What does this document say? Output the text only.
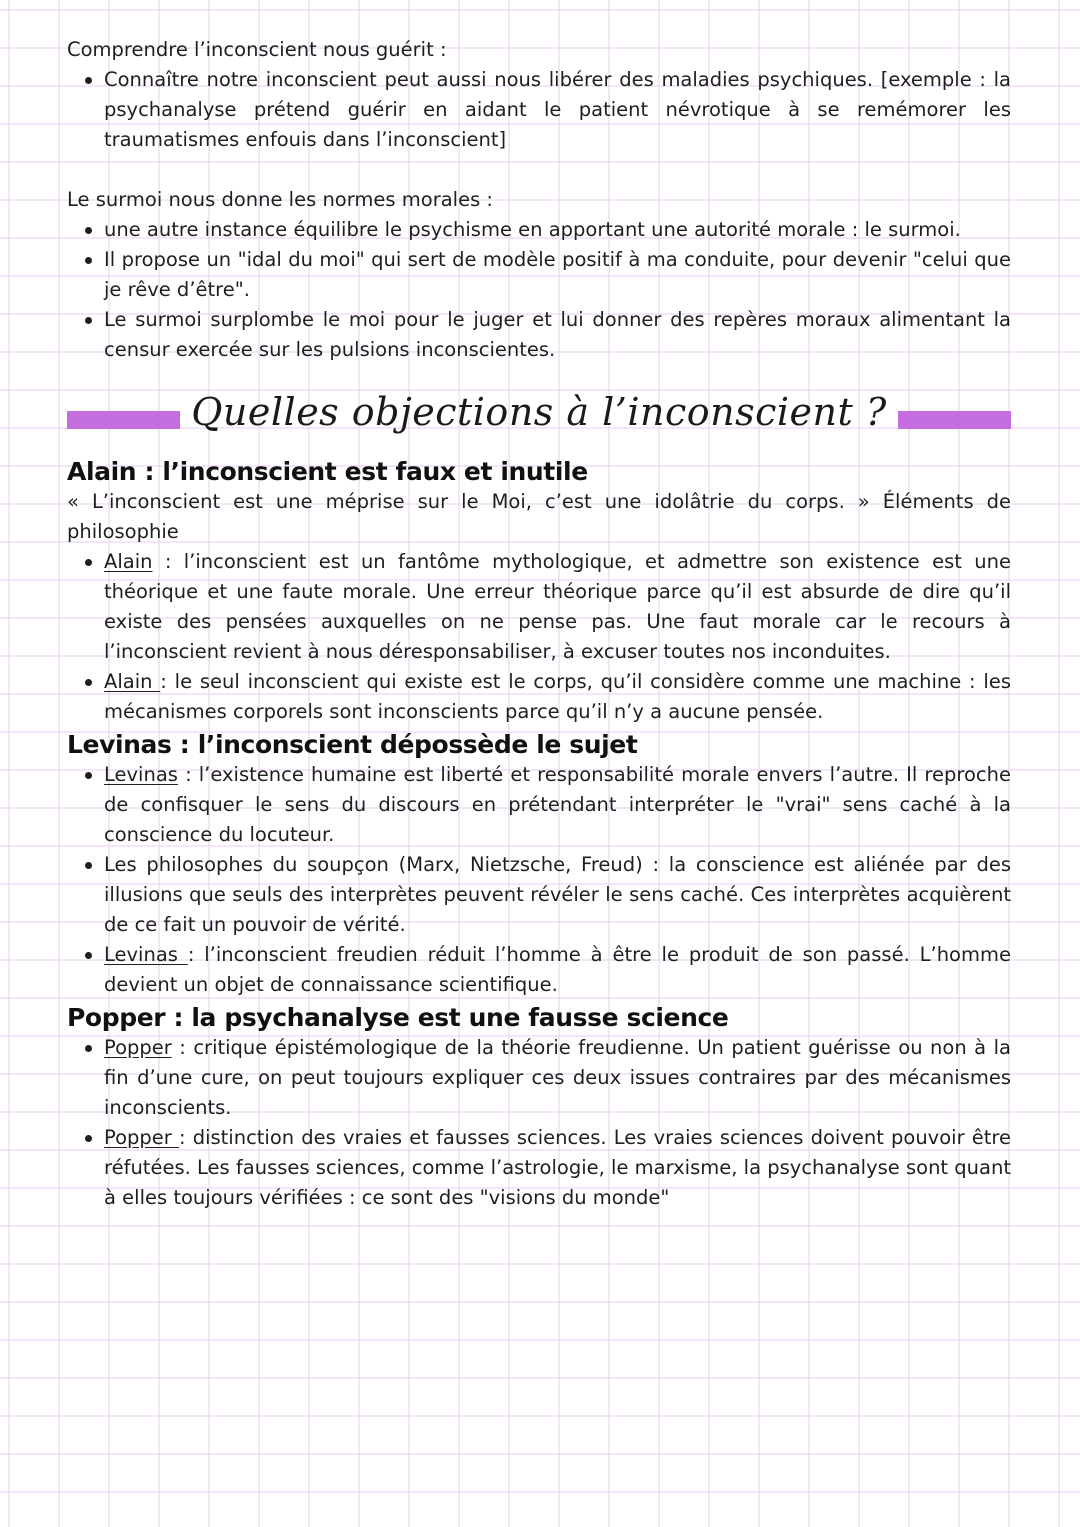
Comprendre l’inconscient nous guérit :

Connaître notre inconscient peut aussi nous libérer des maladies psychiques. [exemple : la psychanalyse prétend guérir en aidant le patient névrotique à se remémorer les traumatismes enfouis dans l’inconscient]

Le surmoi nous donne les normes morales :

une autre instance équilibre le psychisme en apportant une autorité morale : le surmoi.
Il propose un "idal du moi" qui sert de modèle positif à ma conduite, pour devenir "celui que je rêve d’être".
Le surmoi surplombe le moi pour le juger et lui donner des repères moraux alimentant la censur exercée sur les pulsions inconscientes.
Quelles objections à l’inconscient ?
Alain : l’inconscient est faux et inutile

« L’inconscient est une méprise sur le Moi, c’est une idolâtrie du corps. » Éléments de philosophie

Alain : l’inconscient est un fantôme mythologique, et admettre son existence est une théorique et une faute morale. Une erreur théorique parce qu’il est absurde de dire qu’il existe des pensées auxquelles on ne pense pas. Une faut morale car le recours à l’inconscient revient à nous déresponsabiliser, à excuser toutes nos inconduites.
Alain : le seul inconscient qui existe est le corps, qu’il considère comme une machine : les mécanismes corporels sont inconscients parce qu’il n’y a aucune pensée.
Levinas : l’inconscient dépossède le sujet
Levinas : l’existence humaine est liberté et responsabilité morale envers l’autre. Il reproche de confisquer le sens du discours en prétendant interpréter le "vrai" sens caché à la conscience du locuteur.
Les philosophes du soupçon (Marx, Nietzsche, Freud) : la conscience est aliénée par des illusions que seuls des interprètes peuvent révéler le sens caché. Ces interprètes acquièrent de ce fait un pouvoir de vérité.
Levinas : l’inconscient freudien réduit l’homme à être le produit de son passé. L’homme devient un objet de connaissance scientifique.
Popper : la psychanalyse est une fausse science
Popper : critique épistémologique de la théorie freudienne. Un patient guérisse ou non à la fin d’une cure, on peut toujours expliquer ces deux issues contraires par des mécanismes inconscients.
Popper : distinction des vraies et fausses sciences. Les vraies sciences doivent pouvoir être réfutées. Les fausses sciences, comme l’astrologie, le marxisme, la psychanalyse sont quant à elles toujours vérifiées : ce sont des "visions du monde"
